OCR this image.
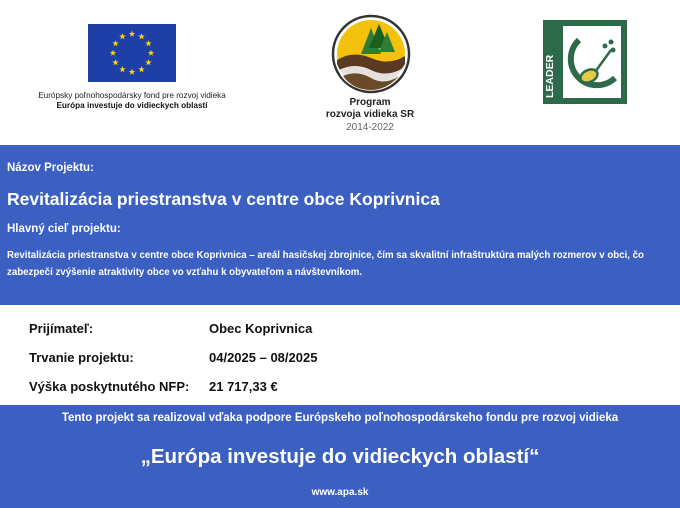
Európsky poľnohospodársky fond pre rozvoj vidieka
Európa investuje do vidieckych oblastí	Program
rozvoja vidieka SR
2014-2022
LEADER
Názov Projektu:
Revitalizácia priestranstva v centre obce Koprivnica
Hlavný cieľ projektu:
Revitalizácia priestranstva v centre obce Koprivnica – areál hasičskej zbrojnice, čím sa skvalitní infraštruktúra malých rozmerov v obci, čo zabezpečí zvýšenie atraktivity obce vo vzťahu k obyvateľom a návštevníkom.
Prijímateľ:	Obec Koprivnica
Trvanie projektu:	04/2025 – 08/2025
Výška poskytnutého NFP: 21 717,33 €
Tento projekt sa realizoval vďaka podpore Európskeho poľnohospodárskeho fondu pre rozvoj vidieka
„Európa investuje do vidieckych oblastí“
www.apa.sk
